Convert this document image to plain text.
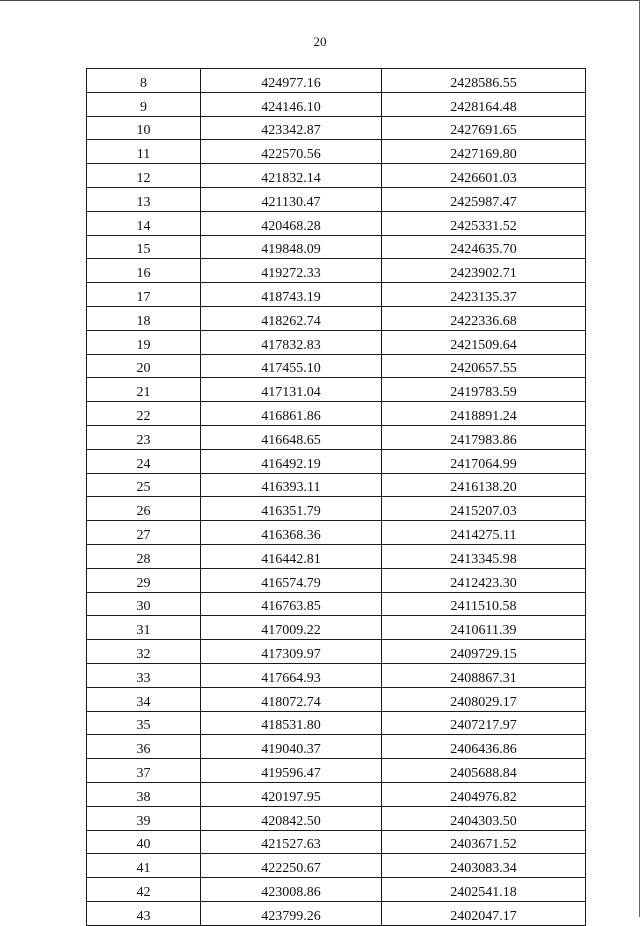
20
8	424977.16	2428586.55
9	424146.10	2428164.48
10	423342.87	2427691.65
11	422570.56	2427169.80
12	421832.14	2426601.03
13	421130.47	2425987.47
14	420468.28	2425331.52
15	419848.09	2424635.70
16	419272.33	2423902.71
17	418743.19	2423135.37
18	418262.74	2422336.68
19	417832.83	2421509.64
20	417455.10	2420657.55
21	417131.04	2419783.59
22	416861.86	2418891.24
23	416648.65	2417983.86
24	416492.19	2417064.99
25	416393.11	2416138.20
26	416351.79	2415207.03
27	416368.36	2414275.11
28	416442.81	2413345.98
29	416574.79	2412423.30
30	416763.85	2411510.58
31	417009.22	2410611.39
32	417309.97	2409729.15
33	417664.93	2408867.31
34	418072.74	2408029.17
35	418531.80	2407217.97
36	419040.37	2406436.86
37	419596.47	2405688.84
38	420197.95	2404976.82
39	420842.50	2404303.50
40	421527.63	2403671.52
41	422250.67	2403083.34
42	423008.86	2402541.18
43	423799.26	2402047.17
